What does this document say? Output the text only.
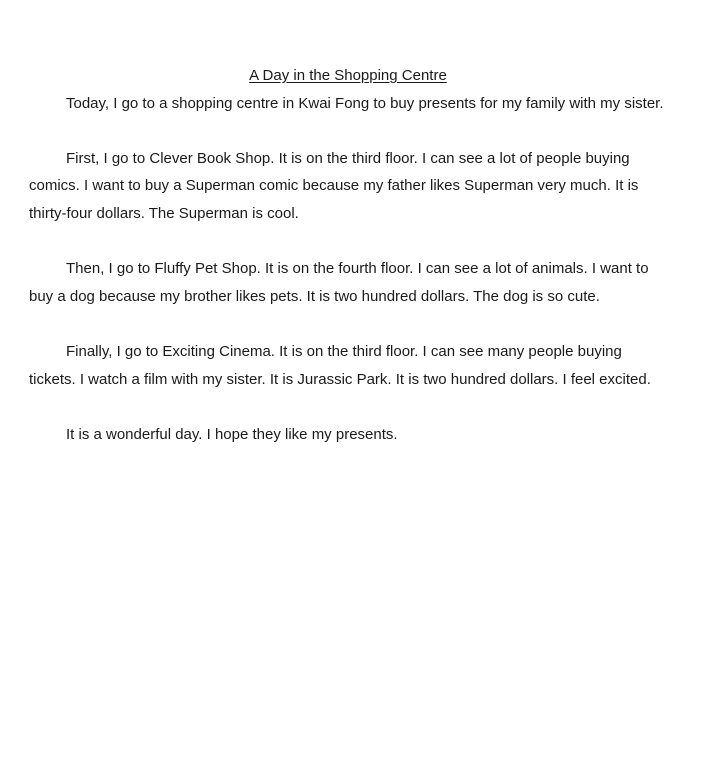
A Day in the Shopping Centre

Today, I go to a shopping centre in Kwai Fong to buy presents for my family with my sister.

First, I go to Clever Book Shop. It is on the third floor. I can see a lot of people buying comics. I want to buy a Superman comic because my father likes Superman very much. It is thirty-four dollars. The Superman is cool.

Then, I go to Fluffy Pet Shop. It is on the fourth floor. I can see a lot of animals. I want to buy a dog because my brother likes pets. It is two hundred dollars. The dog is so cute.

Finally, I go to Exciting Cinema. It is on the third floor. I can see many people buying tickets. I watch a film with my sister. It is Jurassic Park. It is two hundred dollars. I feel excited.

It is a wonderful day. I hope they like my presents.
